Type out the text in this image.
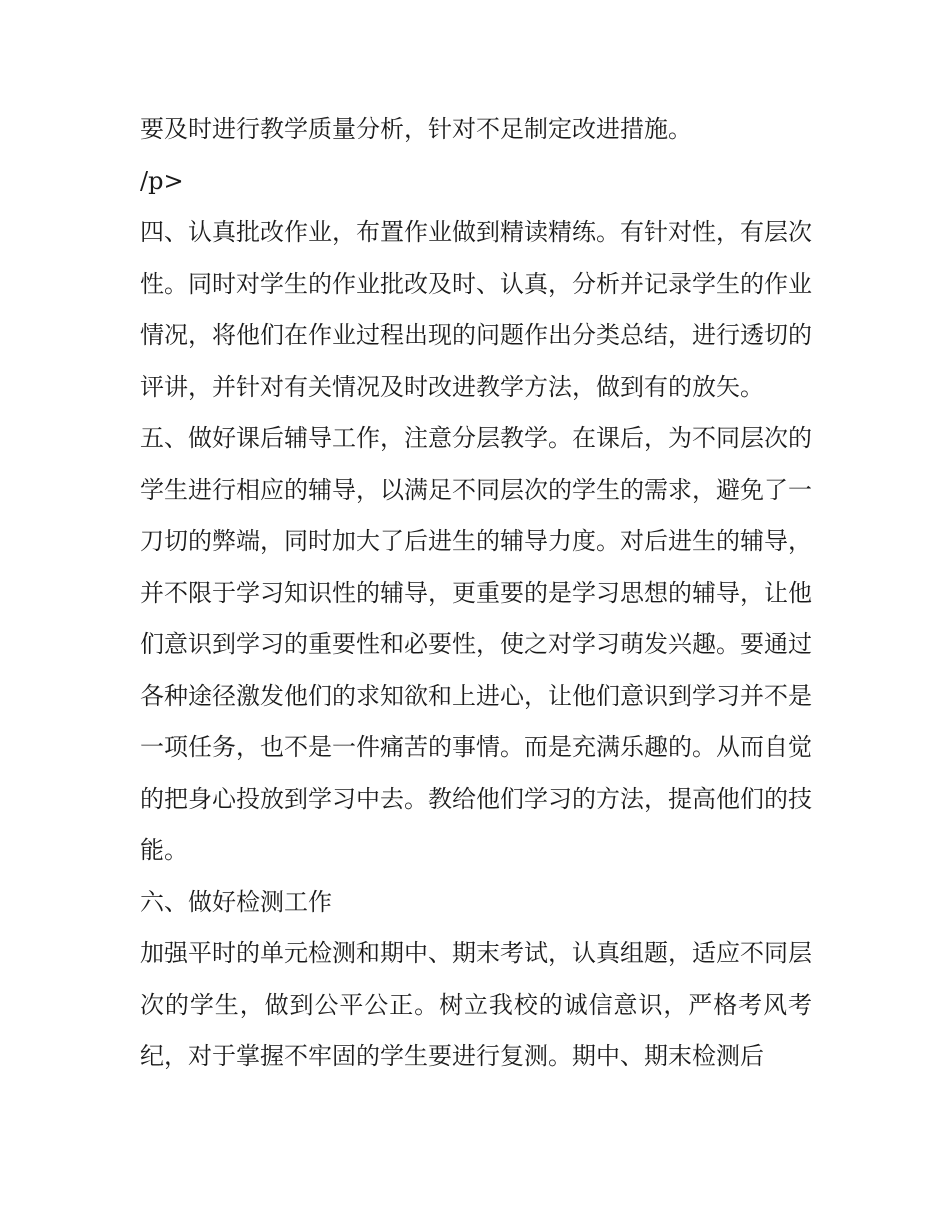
要及时进行教学质量分析，针对不足制定改进措施。

/p>

四、认真批改作业，布置作业做到精读精练。有针对性，有层次性。同时对学生的作业批改及时、认真，分析并记录学生的作业情况，将他们在作业过程出现的问题作出分类总结，进行透切的评讲，并针对有关情况及时改进教学方法，做到有的放矢。

五、做好课后辅导工作，注意分层教学。在课后，为不同层次的学生进行相应的辅导，以满足不同层次的学生的需求，避免了一刀切的弊端，同时加大了后进生的辅导力度。对后进生的辅导，并不限于学习知识性的辅导，更重要的是学习思想的辅导，让他们意识到学习的重要性和必要性，使之对学习萌发兴趣。要通过各种途径激发他们的求知欲和上进心，让他们意识到学习并不是一项任务，也不是一件痛苦的事情。而是充满乐趣的。从而自觉的把身心投放到学习中去。教给他们学习的方法，提高他们的技能。

六、做好检测工作

加强平时的单元检测和期中、期末考试，认真组题，适应不同层次的学生，做到公平公正。树立我校的诚信意识，严格考风考纪，对于掌握不牢固的学生要进行复测。期中、期末检测后
